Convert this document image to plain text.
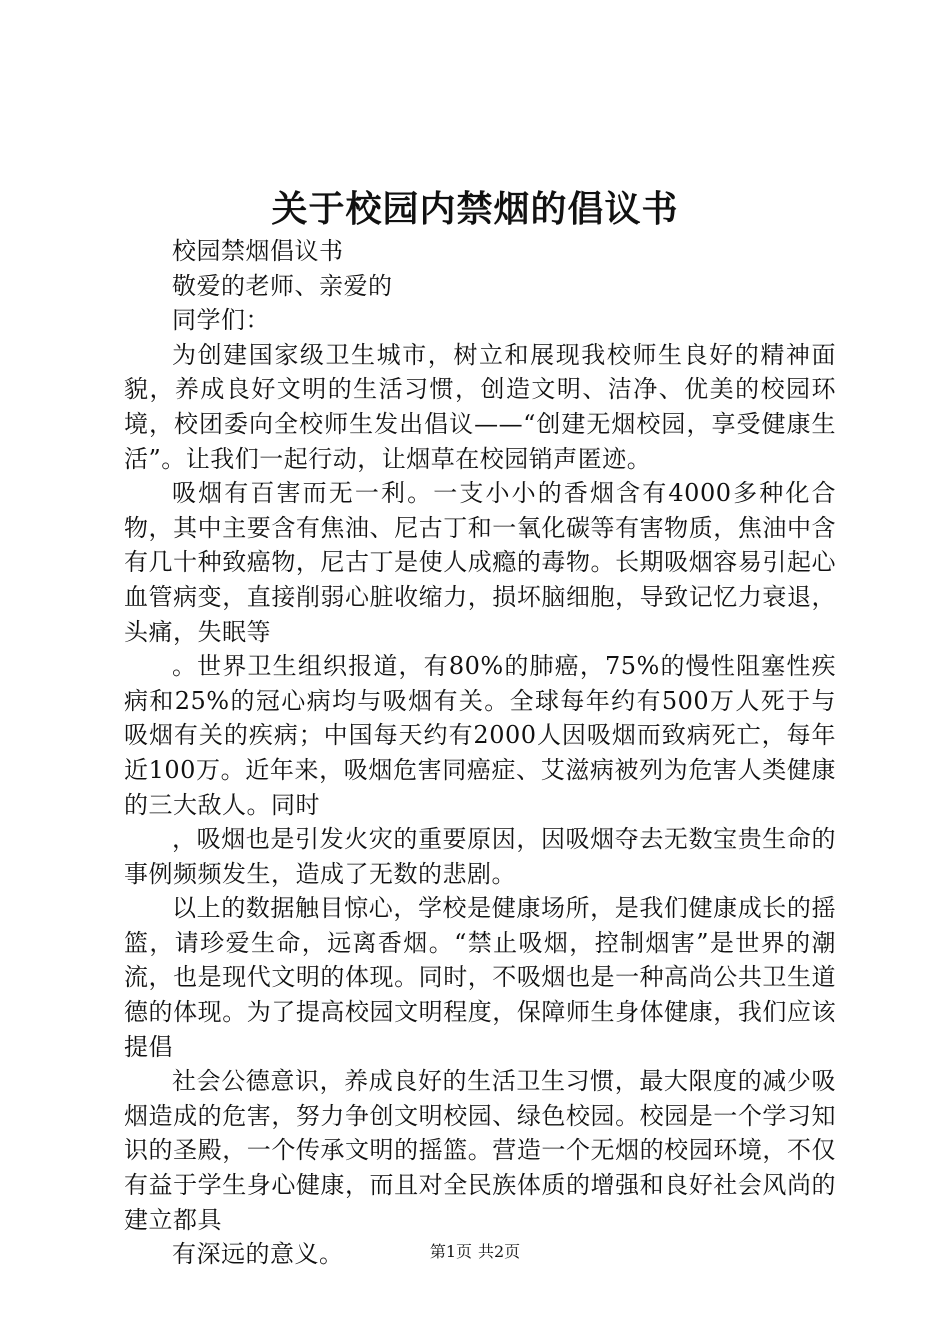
关于校园内禁烟的倡议书

校园禁烟倡议书

敬爱的老师、亲爱的

同学们：

为创建国家级卫生城市，树立和展现我校师生良好的精神面貌，养成良好文明的生活习惯，创造文明、洁净、优美的校园环境，校团委向全校师生发出倡议——“创建无烟校园，享受健康生活”。让我们一起行动，让烟草在校园销声匿迹。

吸烟有百害而无一利。一支小小的香烟含有4000多种化合物，其中主要含有焦油、尼古丁和一氧化碳等有害物质，焦油中含有几十种致癌物，尼古丁是使人成瘾的毒物。长期吸烟容易引起心血管病变，直接削弱心脏收缩力，损坏脑细胞，导致记忆力衰退，头痛，失眠等

。世界卫生组织报道，有80%的肺癌，75%的慢性阻塞性疾病和25%的冠心病均与吸烟有关。全球每年约有500万人死于与吸烟有关的疾病；中国每天约有2000人因吸烟而致病死亡，每年近100万。近年来，吸烟危害同癌症、艾滋病被列为危害人类健康的三大敌人。同时

，吸烟也是引发火灾的重要原因，因吸烟夺去无数宝贵生命的事例频频发生，造成了无数的悲剧。

以上的数据触目惊心，学校是健康场所，是我们健康成长的摇篮，请珍爱生命，远离香烟。“禁止吸烟，控制烟害”是世界的潮流，也是现代文明的体现。同时，不吸烟也是一种高尚公共卫生道德的体现。为了提高校园文明程度，保障师生身体健康，我们应该提倡

社会公德意识，养成良好的生活卫生习惯，最大限度的减少吸烟造成的危害，努力争创文明校园、绿色校园。校园是一个学习知识的圣殿，一个传承文明的摇篮。营造一个无烟的校园环境，不仅有益于学生身心健康，而且对全民族体质的增强和良好社会风尚的建立都具

有深远的意义。	第1页 共2页
